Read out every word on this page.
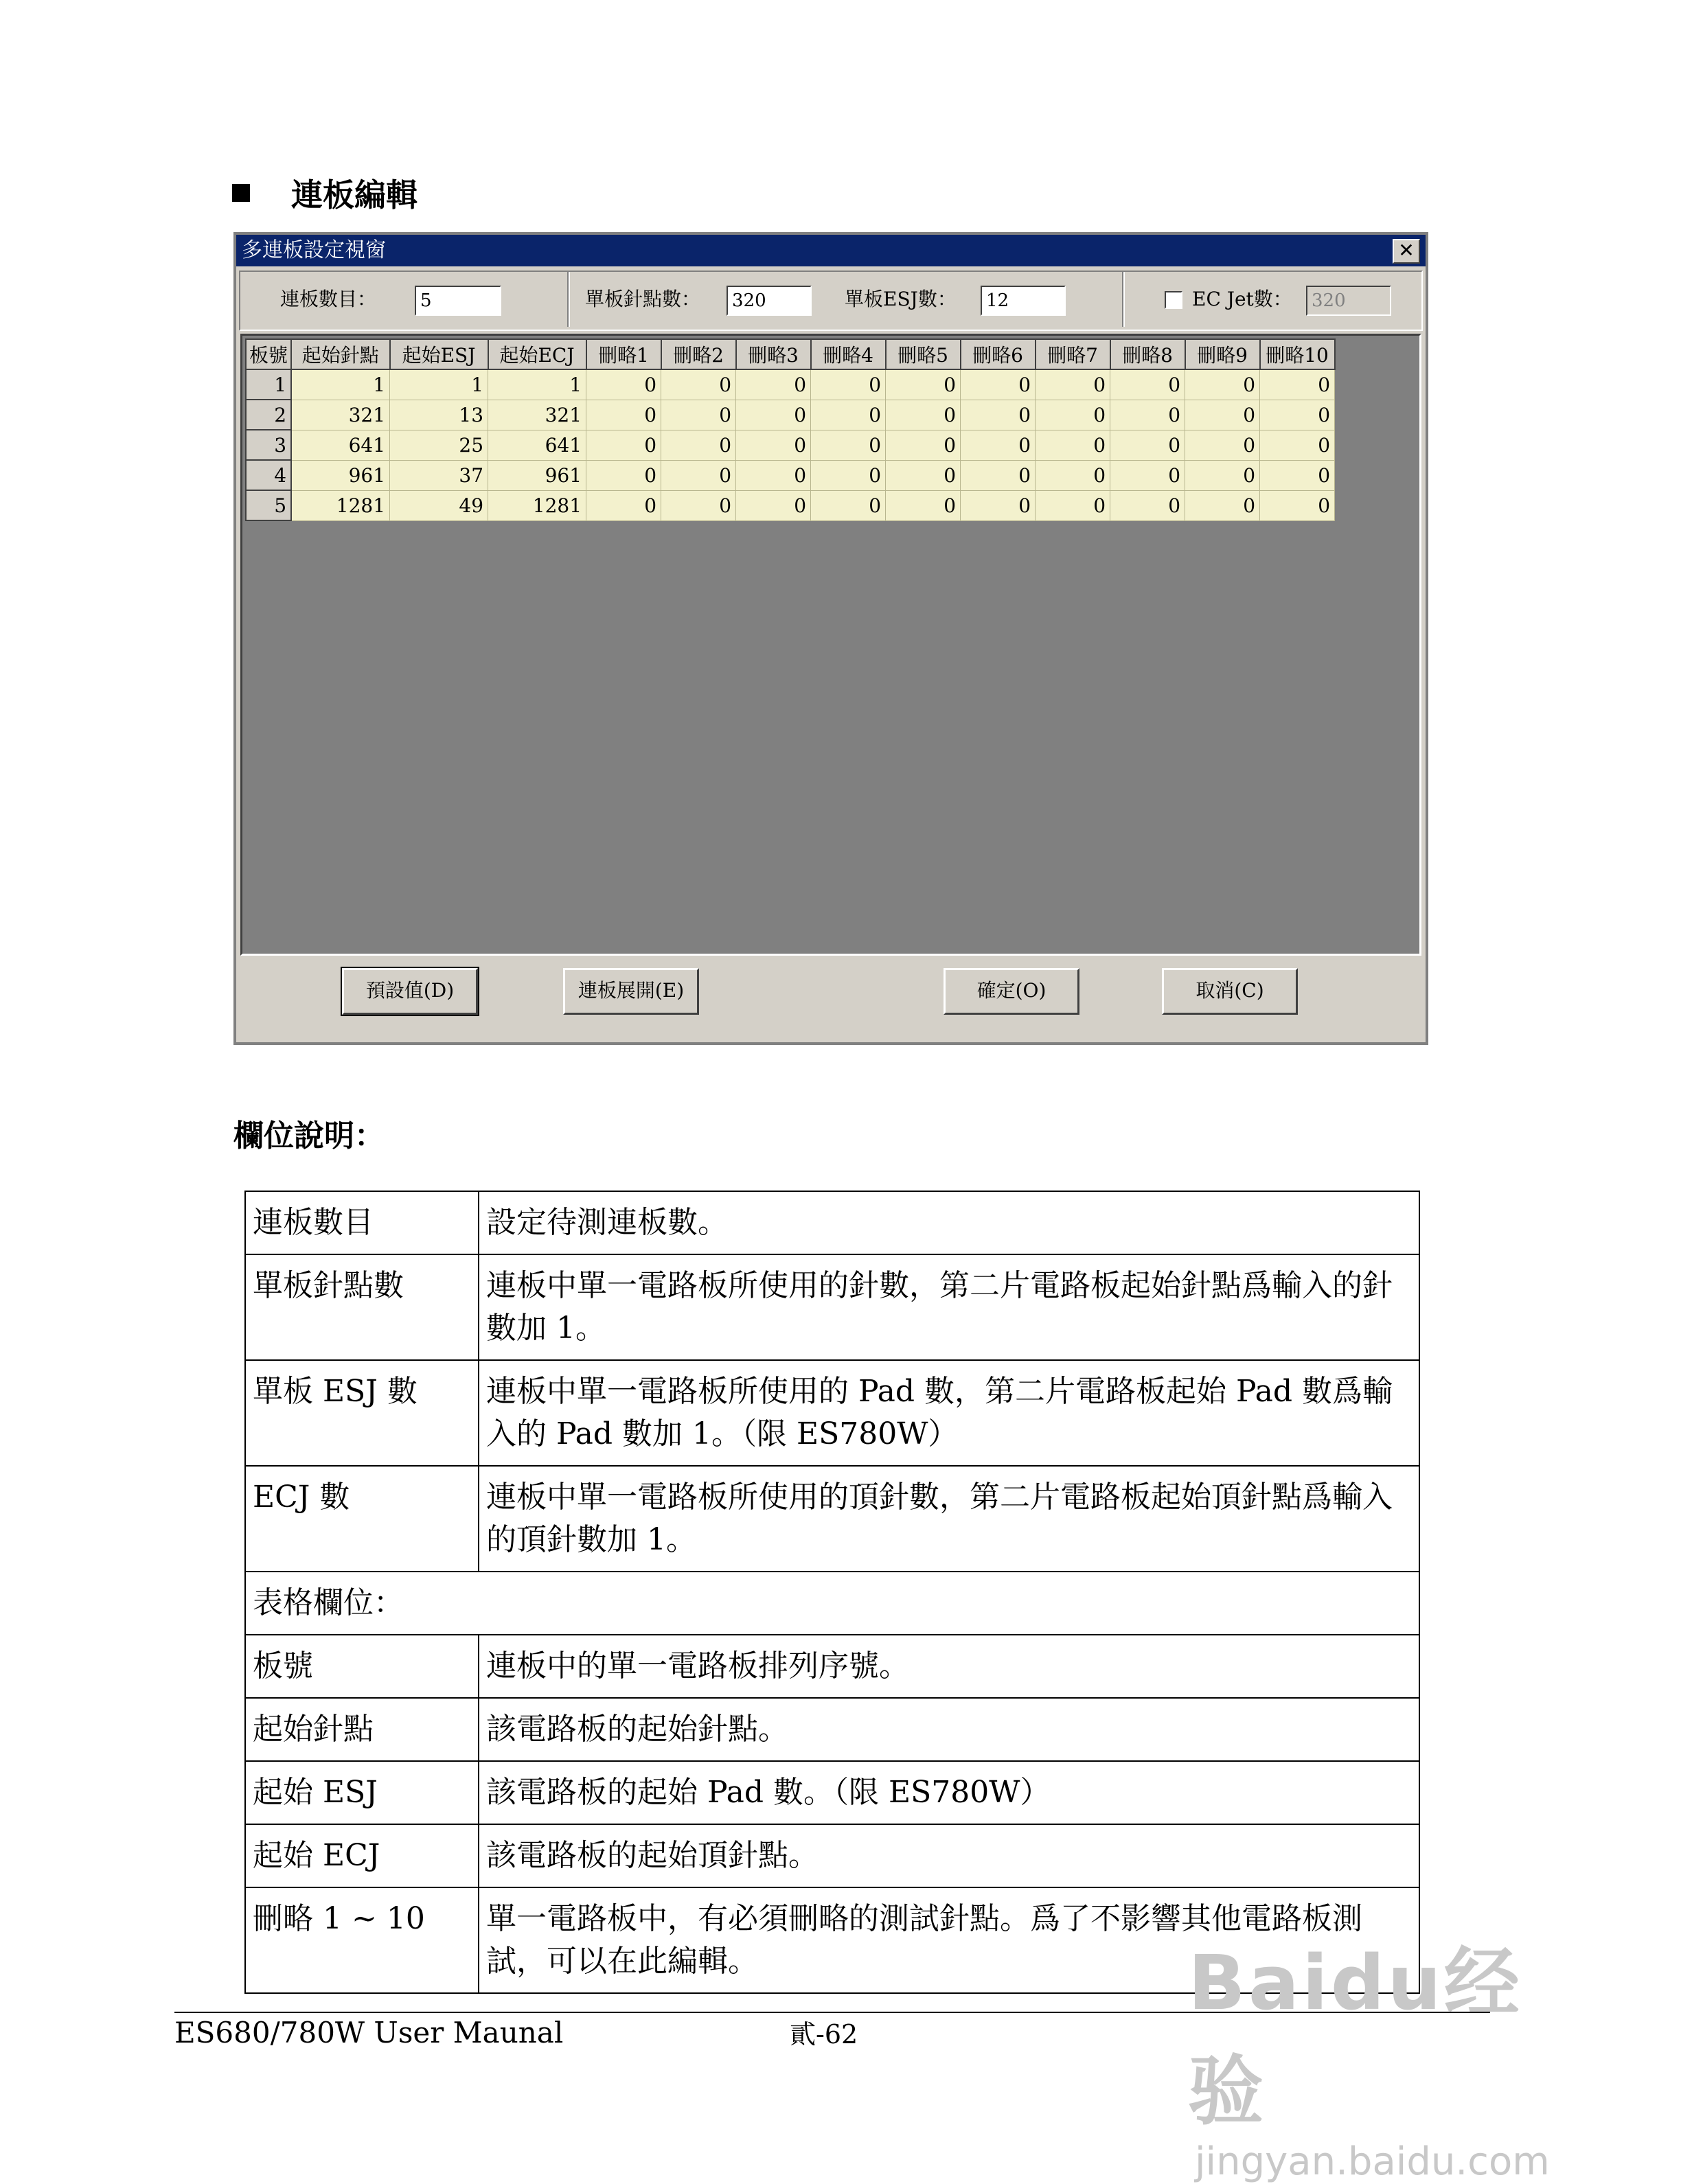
連板編輯
多連板設定視窗	✕
連板數目：	5	單板針點數：	320	單板ESJ數：	12	EC Jet數：	320
板號	起始針點	起始ESJ	起始ECJ	刪略1	刪略2	刪略3	刪略4	刪略5	刪略6	刪略7	刪略8	刪略9	刪略10
1	1	1	1	0	0	0	0	0	0	0	0	0	0
2	321	13	321	0	0	0	0	0	0	0	0	0	0
3	641	25	641	0	0	0	0	0	0	0	0	0	0
4	961	37	961	0	0	0	0	0	0	0	0	0	0
5	1281	49	1281	0	0	0	0	0	0	0	0	0	0
預設值(D)	連板展開(E)	確定(O)	取消(C)
欄位說明：
連板數目	設定待測連板數。
單板針點數	連板中單一電路板所使用的針數，第二片電路板起始針點爲輸入的針數加 1。
單板 ESJ 數	連板中單一電路板所使用的 Pad 數，第二片電路板起始 Pad 數爲輸入的 Pad 數加 1。（限 ES780W）
ECJ 數	連板中單一電路板所使用的頂針數，第二片電路板起始頂針點爲輸入的頂針數加 1。
表格欄位：	
板號	連板中的單一電路板排列序號。
起始針點	該電路板的起始針點。
起始 ESJ	該電路板的起始 Pad 數。（限 ES780W）
起始 ECJ	該電路板的起始頂針點。
刪略 1 ~ 10	單一電路板中，有必須刪略的測試針點。爲了不影響其他電路板測試，可以在此編輯。
ES680/780W User Maunal	貳-62
Baidu经验
jingyan.baidu.com
